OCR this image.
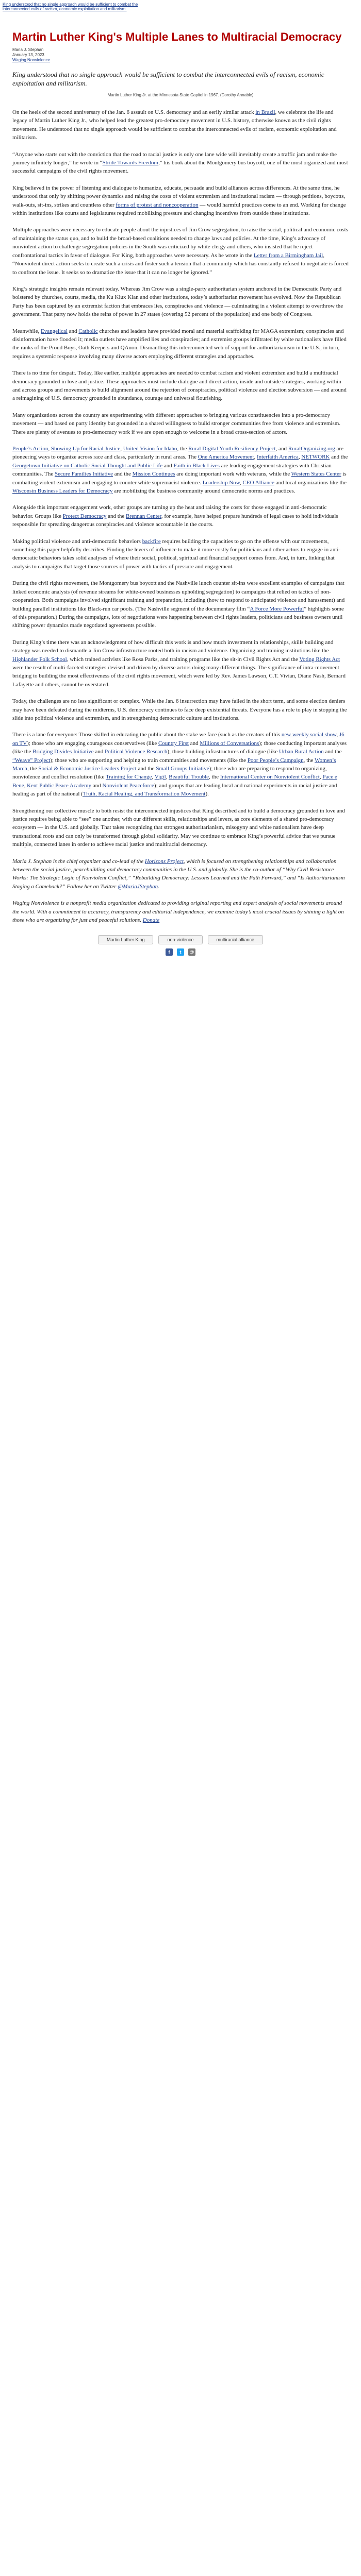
King understood that no single approach would be sufficient to combat the interconnected evils of racism, economic exploitation and militarism.
Martin Luther King's Multiple Lanes to Multiracial Democracy
Maria J. Stephan
January 13, 2023
Waging Nonviolence

King understood that no single approach would be sufficient to combat the interconnected evils of racism, economic exploitation and militarism.

Martin Luther King Jr. at the Minnesota State Capitol in 1967. (Dorothy Annable)

On the heels of the second anniversary of the Jan. 6 assault on U.S. democracy and an eerily similar attack in Brazil, we celebrate the life and legacy of Martin Luther King Jr., who helped lead the greatest pro-democracy movement in U.S. history, otherwise known as the civil rights movement. He understood that no single approach would be sufficient to combat the interconnected evils of racism, economic exploitation and militarism.

“Anyone who starts out with the conviction that the road to racial justice is only one lane wide will inevitably create a traffic jam and make the journey infinitely longer,” he wrote in “Stride Towards Freedom,” his book about the Montgomery bus boycott, one of the most organized and most successful campaigns of the civil rights movement.

King believed in the power of listening and dialogue to humanize, educate, persuade and build alliances across differences. At the same time, he understood that only by shifting power dynamics and raising the costs of violent extremism and institutional racism — through petitions, boycotts, walk-outs, sit-ins, strikes and countless other forms of protest and noncooperation — would harmful practices come to an end. Working for change within institutions like courts and legislatures required mobilizing pressure and changing incentives from outside these institutions.

Multiple approaches were necessary to educate people about the injustices of Jim Crow segregation, to raise the social, political and economic costs of maintaining the status quo, and to build the broad-based coalitions needed to change laws and policies. At the time, King’s advocacy of nonviolent action to challenge segregation policies in the South was criticized by white clergy and others, who insisted that he reject confrontational tactics in favor of dialogue. For King, both approaches were necessary. As he wrote in the Letter from a Birmingham Jail, “Nonviolent direct action seeks to create such a crisis and foster such a tension that a community which has constantly refused to negotiate is forced to confront the issue. It seeks so to dramatize the issue that it can no longer be ignored.”

King’s strategic insights remain relevant today. Whereas Jim Crow was a single-party authoritarian system anchored in the Democratic Party and bolstered by churches, courts, media, the Ku Klux Klan and other institutions, today’s authoritarian movement has evolved. Now the Republican Party has been captured by an extremist faction that embraces lies, conspiracies and violence — culminating in a violent attempt to overthrow the government. That party now holds the reins of power in 27 states (covering 52 percent of the population) and one body of Congress.

Meanwhile, Evangelical and Catholic churches and leaders have provided moral and material scaffolding for MAGA extremism; conspiracies and disinformation have flooded it; media outlets have amplified lies and conspiracies; and extremist groups infiltrated by white nationalists have filled the ranks of the Proud Boys, Oath Keepers and QAnon. Dismantling this interconnected web of support for authoritarianism in the U.S., in turn, requires a systemic response involving many diverse actors employing different strategies and approaches.

There is no time for despair. Today, like earlier, multiple approaches are needed to combat racism and violent extremism and build a multiracial democracy grounded in love and justice. These approaches must include dialogue and direct action, inside and outside strategies, working within and across groups and movements to build alignment around the rejection of conspiracies, political violence and election subversion — and around a reimagining of U.S. democracy grounded in abundance, courage and universal flourishing.

Many organizations across the country are experimenting with different approaches to bringing various constituencies into a pro-democracy movement — and based on party identity but grounded in a shared willingness to build stronger communities free from violence and extremism. There are plenty of avenues to pro-democracy work if we are open enough to welcome in a broad cross-section of actors.

People’s Action, Showing Up for Racial Justice, United Vision for Idaho, the Rural Digital Youth Resiliency Project, and RuralOrganizing.org are pioneering ways to organize across race and class, particularly in rural areas. The One America Movement, Interfaith America, NETWORK and the Georgetown Initiative on Catholic Social Thought and Public Life and Faith in Black Lives are leading engagement strategies with Christian communities. The Secure Families Initiative and the Mission Continues are doing important work with veterans, while the Western States Center is combatting violent extremism and engaging to counter white supremacist violence. Leadership Now, CEO Alliance and local organizations like the Wisconsin Business Leaders for Democracy are mobilizing the business community around democratic norms and practices.

Alongside this important engagement work, other groups are turning up the heat and raising the costs for those engaged in anti-democratic behavior. Groups like Protect Democracy and the Brennan Center, for example, have helped prepare hundreds of legal cases to hold individuals responsible for spreading dangerous conspiracies and violence accountable in the courts.

Making political violence and anti-democratic behaviors backfire requires building the capacities to go on the offense with our movements, something this paper helpfully describes. Finding the levers of influence to make it more costly for politicians and other actors to engage in anti-democratic behaviors takes solid analyses of where their social, political, spiritual and financial support comes from. And, in turn, linking that analysis to campaigns that target those sources of power with tactics of pressure and engagement.

During the civil rights movement, the Montgomery bus boycott and the Nashville lunch counter sit-ins were excellent examples of campaigns that linked economic analysis (of revenue streams for white-owned businesses upholding segregation) to campaigns that relied on tactics of non-cooperation. Both campaigns involved significant training and preparation, including (how to respond to anticipated violence and harassment) and building parallel institutions like Black-run car pools. (The Nashville segment of the documentary film “A Force More Powerful” highlights some of this preparation.) During the campaigns, lots of negotiations were happening between civil rights leaders, politicians and business owners until shifting power dynamics made negotiated agreements possible.

During King’s time there was an acknowledgment of how difficult this work is and how much investment in relationships, skills building and strategy was needed to dismantle a Jim Crow infrastructure rooted both in racism and violence. Organizing and training institutions like the Highlander Folk School, which trained activists like Rosa Parks, and training programs like the sit-in Civil Rights Act and the Voting Rights Act were the result of multi-faceted strategies devised and driven by diverse actors doing many different things. The significance of intra-movement bridging to building the most effectiveness of the civil rights movement, which were led by Rev. James Lawson, C.T. Vivian, Diane Nash, Bernard Lafayette and others, cannot be overstated.

Today, the challenges are no less significant or complex. While the Jan. 6 insurrection may have failed in the short term, and some election deniers may have been defeated during the midterms, U.S. democracy continues to face deep existential threats. Everyone has a role to play in stopping the slide into political violence and extremism, and in strengthening democratic culture and institutions.

There is a lane for everyone: Those skilled in educating the public about the stake we face (such as the creators of this new weekly social show, J6 on TV); those who are engaging courageous conservatives (like Country First and Millions of Conversations); those conducting important analyses (like the Bridging Divides Initiative and Political Violence Research); those building infrastructures of dialogue (like Urban Rural Action and the “Weave” Project); those who are supporting and helping to train communities and movements (like the Poor People’s Campaign, the Women’s March, the Social & Economic Justice Leaders Project and the Small Groups Initiative); those who are preparing to respond to organizing, nonviolence and conflict resolution (like Training for Change, Vigil, Beautiful Trouble, the International Center on Nonviolent Conflict, Pace e Bene, Kent Public Peace Academy and Nonviolent Peaceforce); and groups that are leading local and national experiments in racial justice and healing as part of the national (Truth, Racial Healing, and Transformation Movement).

Strengthening our collective muscle to both resist the interconnected injustices that King described and to build a democracy grounded in love and justice requires being able to “see” one another, with our different skills, relationships and levers, as core elements of a shared pro-democracy ecosystem — in the U.S. and globally. That takes recognizing that strongest authoritarianism, misogyny and white nationalism have deep transnational roots and can only be transformed through global solidarity. May we continue to embrace King’s powerful advice that we pursue multiple, connected lanes in order to achieve racial justice and multiracial democracy.

Maria J. Stephan is the chief organizer and co-lead of the Horizons Project, which is focused on strengthening relationships and collaboration between the social justice, peacebuilding and democracy communities in the U.S. and globally. She is the co-author of “Why Civil Resistance Works: The Strategic Logic of Nonviolent Conflict,” “Rebuilding Democracy: Lessons Learned and the Path Forward,” and “Is Authoritarianism Staging a Comeback?” Follow her on Twitter @MariaJStephan.

Waging Nonviolence is a nonprofit media organization dedicated to providing original reporting and expert analysis of social movements around the world. With a commitment to accuracy, transparency and editorial independence, we examine today’s most crucial issues by shining a light on those who are organizing for just and peaceful solutions. Donate

Martin Luther King	non-violence	multiracial alliance
f	t	@
